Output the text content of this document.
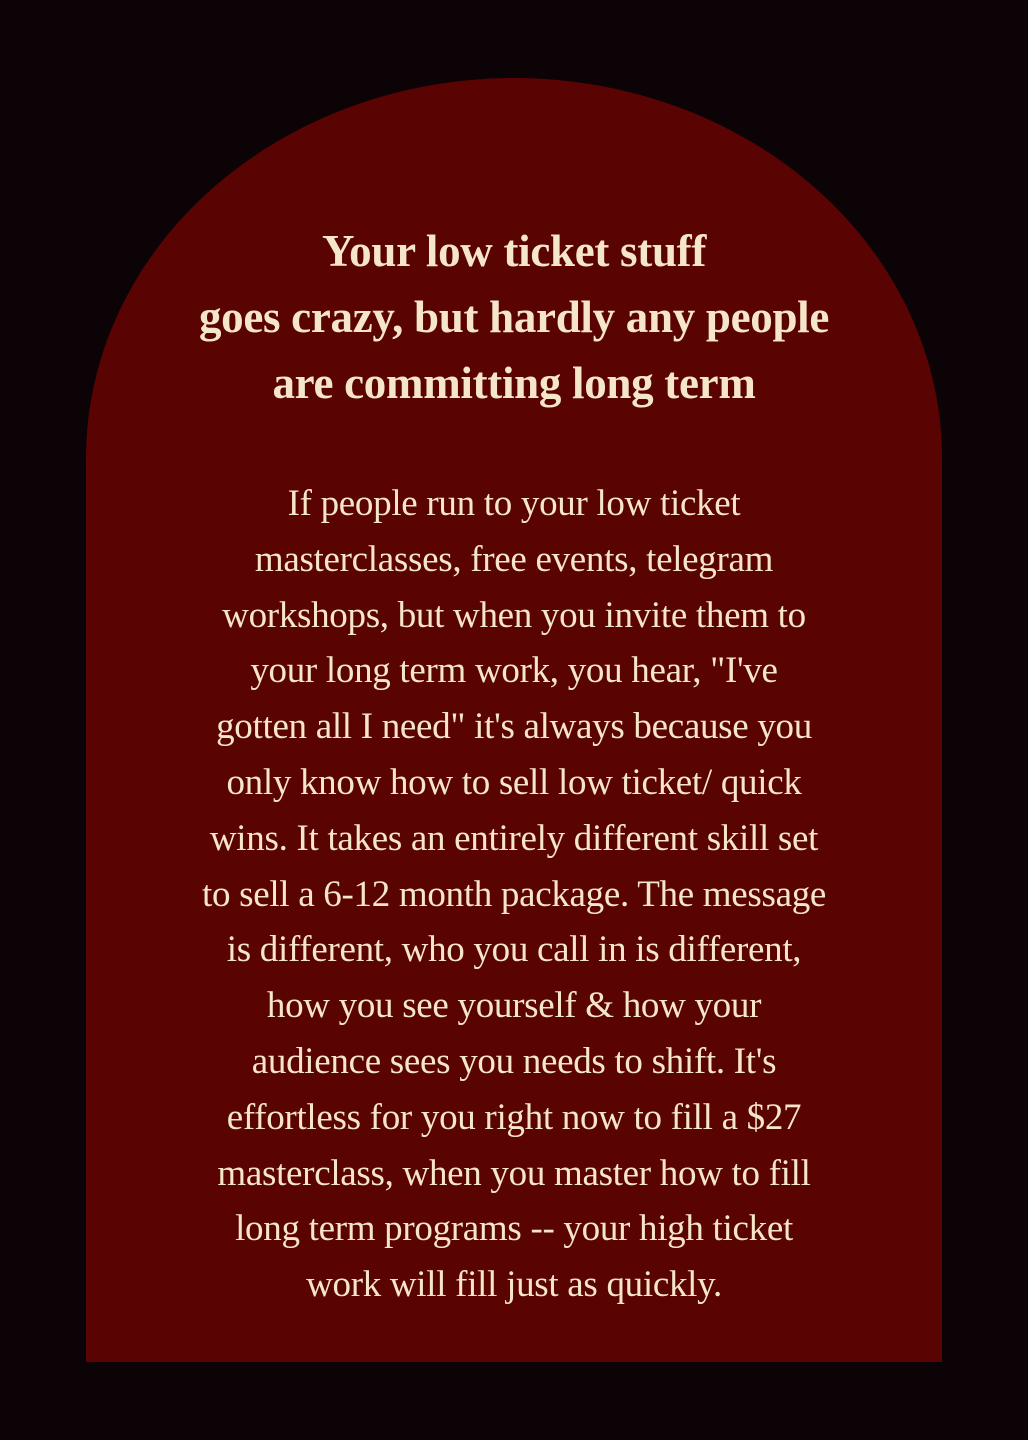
Your low ticket stuff
goes crazy, but hardly any people
are committing long term

If people run to your low ticket
masterclasses, free events, telegram
workshops, but when you invite them to
your long term work, you hear, "I've
gotten all I need" it's always because you
only know how to sell low ticket/ quick
wins. It takes an entirely different skill set
to sell a 6-12 month package. The message
is different, who you call in is different,
how you see yourself & how your
audience sees you needs to shift. It's
effortless for you right now to fill a $27
masterclass, when you master how to fill
long term programs -- your high ticket
work will fill just as quickly.
